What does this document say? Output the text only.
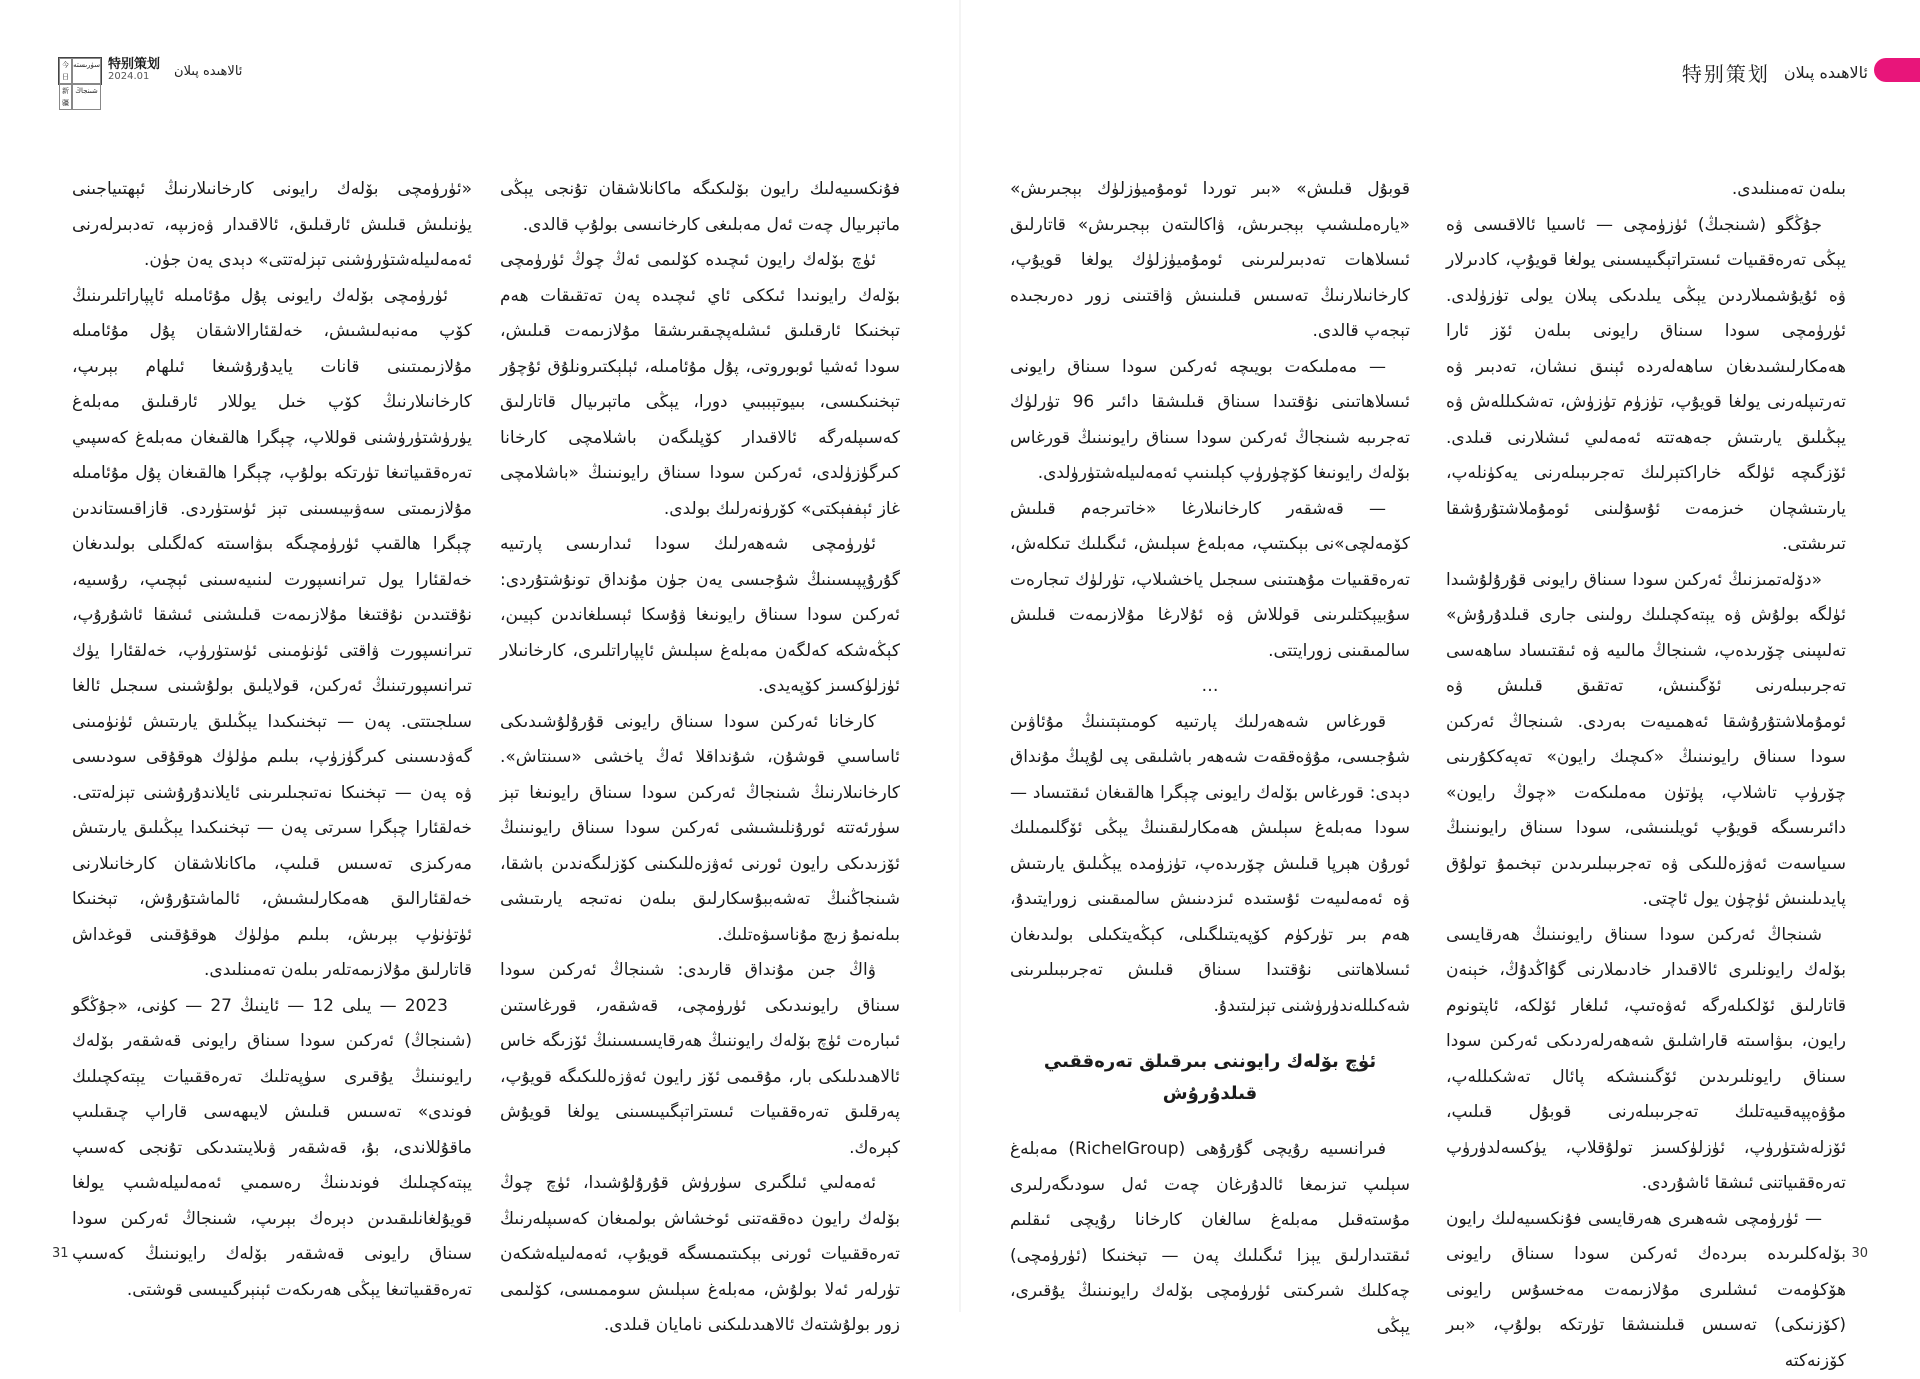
今日
سۈرىستە
新疆
شىنجاڭ
特别策划
2024.01	ئالاھىدە پىلان	特别策划 ئالاھىدە پىلان

«ئۈرۈمچى بۆلەك رايونى كارخانىلارنىڭ ئېھتىياجىنى يۈنىلىش قىلىش ئارقىلىق، ئالاقىدار ۋەزىپە، تەدبىرلەرنى ئەمەلىيلەشتۈرۈشنى تېزلەتتى» دېدى يەن جۈن.

ئۈرۈمچى بۆلەك رايونى پۇل مۇئامىلە ئاپپاراتلىرىنىڭ كۆپ مەنبەلىشىش، خەلقئارالاشقان پۇل مۇئامىلە مۇلازىمىتىنى قانات يايدۇرۇشىغا ئىلھام بېرىپ، كارخانىلارنىڭ كۆپ خىل يوللار ئارقىلىق مەبلەغ يۈرۈشتۈرۈشنى قوللاپ، چېگرا ھالقىغان مەبلەغ كەسپىي تەرەققىياتىغا تۈرتكە بولۇپ، چېگرا ھالقىغان پۇل مۇئامىلە مۇلازىمىتى سەۋىيىسىنى تېز ئۈستۈردى. قازاقىستاندىن چېگرا ھالقىپ ئۈرۈمچىگە بىۋاسىتە كەلگىلى بولىدىغان خەلقئارا يول تىرانسپورت لىنىيەسىنى ئېچىپ، رۇسىيە، نۇقتىدىن نۇقتىغا مۇلازىمەت قىلىشنى ئىشقا ئاشۇرۇپ، تىرانسپورت ۋاقتى ئۈنۈمىنى ئۈستۈرۈپ، خەلقئارا يۈك تىرانسپورتىنىڭ ئەركىن، قولايلىق بولۇشىنى سىجىل ئالغا سىلجىتتى. پەن — تېخنىكىدا يېڭىلىق يارىتىش ئۈنۈمىنى گەۋدىسىنى كىرگۈزۈپ، بىلىم مۈلۈك ھوقۇقى سودىسى ۋە پەن — تېخنىكا نەتىجىلىرىنى ئايلاندۇرۇشنى تېزلەتتى. خەلقئارا چېگرا سىرتى پەن — تېخنىكىدا يېڭىلىق يارىتىش مەركىزى تەسىس قىلىپ، ماكانلاشقان كارخانىلارنى خەلقئارالىق ھەمكارلىشىش، ئالماشتۇرۇش، تېخنىكا ئۈتۈنۈپ بېرىش، بىلىم مۈلۈك ھوقۇقىنى قوغداش قاتارلىق مۇلازىمەتلەر بىلەن تەمىنلىدى.

2023 — يىلى 12 — ئاينىڭ 27 — كۈنى، «جۇڭگو (شىنجاڭ) ئەركىن سودا سىناق رايونى قەشقەر بۆلەك رايونىنىڭ يۇقىرى سۈپەتلىك تەرەققىيات يېتەكچىلىك فوندى» تەسىس قىلىش لايىھەسى قاراپ چىقىلىپ ماقۇللاندى، بۇ، قەشقەر ۋىلايىتىدىكى تۇنجى كەسىپ يېتەكچىلىك فوندىنىڭ رەسمىي ئەمەلىيلەشىپ يولغا قويۇلغانلىقىدىن دېرەك بېرىپ، شىنجاڭ ئەركىن سودا سىناق رايونى قەشقەر بۆلەك رايونىنىڭ كەسىپ تەرەققىياتىغا يېڭى ھەرىكەت ئېنېرگىيىسى قوشتى.

فۇنكسىيەلىك رايون بۆلىكىگە ماكانلاشقان تۇنجى يېڭى ماتېرىيال چەت ئەل مەبلىغى كارخانىسى بولۇپ قالدى.

ئۈچ بۆلەك رايون ئىچىدە كۆلىمى ئەڭ چوڭ ئۈرۈمچى بۆلەك رايونىدا ئىككى ئاي ئىچىدە پەن تەتقىقات ھەم تېخنىكا ئارقىلىق ئىشلەپچىقىرىشقا مۇلازىمەت قىلىش، سودا ئەشيا ئوبوروتى، پۇل مۇئامىلە، ئېلېكتىرونلۇق ئۇچۇر تېخنىكىسى، بىيوتېببىي دورا، يېڭى ماتېرىيال قاتارلىق كەسىپلەرگە ئالاقىدار كۆپلىگەن باشلامچى كارخانا كىرگۈزۈلدى، ئەركىن سودا سىناق رايونىنىڭ «باشلامچى غاز ئېففېكتى» كۆرۈنەرلىك بولدى.

ئۈرۈمچى شەھەرلىك سودا ئىدارىسى پارتىيە گۇرۇپپىسىنىڭ شۇجىسى يەن جۈن مۇنداق تونۇشتۇردى: ئەركىن سودا سىناق رايونىغا ۋۇسكا ئېسىلغاندىن كېيىن، كېڭەشكە كەلگەن مەبلەغ سېلىش ئاپپاراتلىرى، كارخانىلار ئۈزلۈكسىز كۆپەيدى.

كارخانا ئەركىن سودا سىناق رايونى قۇرۇلۇشىدىكى ئاساسىي قوشۇن، شۇنداقلا ئەڭ ياخشى «سىنتاش». كارخانىلارنىڭ شىنجاڭ ئەركىن سودا سىناق رايونىغا تېز سۈرئەتتە ئورۇنلىشىشى ئەركىن سودا سىناق رايونىنىڭ ئۆزىدىكى رايون ئورنى ئەۋزەللىكىنى كۆزلىگەندىن باشقا، شىنجاڭنىڭ تەشەببۇسكارلىق بىلەن نەتىجە يارىتىشى بىلەنمۇ زىچ مۇناسىۋەتلىك.

ۋاڭ جىن مۇنداق قارىدى: شىنجاڭ ئەركىن سودا سىناق رايونىدىكى ئۈرۈمچى، قەشقەر، قورغاستىن ئىبارەت ئۈچ بۆلەك رايوننىڭ ھەرقايسىسىنىڭ ئۆزىگە خاس ئالاھىدىلىكى بار، مۇقىمى ئۆز رايون ئەۋزەللىكىگە قويۇپ، پەرقلىق تەرەققىيات ئىستراتېگىيىسىنى يولغا قويۇش كېرەك.

ئەمەلىي ئىلگىرى سۈرۈش قۇرۇلۇشىدا، ئۈچ چوڭ بۆلەك رايون دەققەتنى ئوخشاش بولمىغان كەسىپلەرنىڭ تەرەققىيات ئورنى بېكىتىمىسگە قويۇپ، ئەمەلىيلەشكەن تۈرلەر ئەلا بولۇش، مەبلەغ سېلىش سوممىسى، كۆلىمى زور بولۇشتەك ئالاھىدىلىكنى نامايان قىلدى.

قوبۇل قىلىش» «بىر توردا ئومۇميۈزلۈك بېجىرىش» «يارەملىشىپ بېجىرىش، ۋاكالىتەن بېجىرىش» قاتارلىق ئىسلاھات تەدبىرلىرىنى ئومۇميۈزلۈك يولغا قويۇپ، كارخانىلارنىڭ تەسىس قىلىنىش ۋاقتىنى زور دەرىجىدە تېجەپ قالدى.

— مەملىكەت بويىچە ئەركىن سودا سىناق رايونى ئىسلاھاتىنى نۇقتىدا سىناق قىلىشقا دائىر 96 تۈرلۈك تەجرىبە شىنجاڭ ئەركىن سودا سىناق رايونىنىڭ قورغاس بۆلەك رايونىغا كۆچۈرۈپ كېلىنىپ ئەمەلىيلەشتۈرۈلدى.

— قەشقەر كارخانىلارغا «خاتىرجەم قىلىش كۆمەلچى»نى بېكىتىپ، مەبلەغ سېلىش، ئىگىلىك تىكلەش، تەرەققىيات مۇھىتىنى سىجىل ياخشىلاپ، تۈرلۈك تىجارەت سۇبيېكتلىرىنى قوللاش ۋە ئۇلارغا مۇلازىمەت قىلىش سالمىقىنى زورايتتى.

…

قورغاس شەھەرلىك پارتىيە كومىتېتىنىڭ مۇئاۋىن شۇجىسى، مۇۋەققەت شەھەر باشلىقى پى لۇپىڭ مۇنداق دېدى: قورغاس بۆلەك رايونى چېگرا ھالقىغان ئىقتىساد — سودا مەبلەغ سېلىش ھەمكارلىقىنىڭ يېڭى ئۆگلىمىلىك ئورۇن ھېرپا قىلىش چۆرىدەپ، تۈزۈمدە يېڭىلىق يارىتىش ۋە ئەمەلىيەت ئۇستىدە ئىزدىنىش سالمىقىنى زورايتىدۇ، ھەم بىر تۈركۈم كۆپەيتىلگىلى، كېڭەيتكىلى بولىدىغان ئىسلاھاتنى نۇقتىدا سىناق قىلىش تەجرىبىلىرىنى شەكىللەندۈرۈشنى تېزلىتىدۇ.

ئۈچ بۆلەك رايوننى بىرقىلق تەرەققىي قىلدۇرۇش

فىرانسىيە رۇيچى گۇرۇھى (RichelGroup) مەبلەغ سېلىپ تىزىمغا ئالدۇرغان چەت ئەل سودىگەرلىرى مۇستەقىل مەبلەغ سالغان كارخانا رۇيچى ئىقلىم ئىقتىدارلىق يېزا ئىگىلىك پەن — تېخنىكا (ئۈرۈمچى) چەكلىك شىركىتى ئۈرۈمچى بۆلەك رايونىنىڭ يۇقىرى، يېڭى

بىلەن تەمىنلىدى.

جۇڭگو (شىنجىڭ) ئۈزۈمچى — ئاسىيا ئالاقىسى ۋە يېڭى تەرەققىيات ئىستراتېگىيىسىنى يولغا قويۇپ، كادىرلار ۋە ئۇيۇشمىلاردىن يېڭى يىلدىكى پىلان يولى تۈزۈلدى. ئۈرۈمچى سودا سىناق رايونى بىلەن ئۆز ئارا ھەمكارلىشىدىغان ساھەلەردە ئېنىق نىشان، تەدبىر ۋە تەرتىپلەرنى يولغا قويۇپ، تۈزۈم تۈزۈش، تەشكىللەش ۋە يېڭىلىق يارىتىش جەھەتتە ئەمەلىي ئىشلارنى قىلدى. ئۆزگىچە ئۈلگە خاراكتېرلىك تەجرىبىلەرنى يەكۈنلەپ، يارىتىشچان خىزمەت ئۇسۇلىنى ئومۇملاشتۇرۇشقا تىرىشتى.

«دۆلەتمىزنىڭ ئەركىن سودا سىناق رايونى قۇرۇلۇشىدا ئۈلگە بولۇش ۋە يېتەكچىلىك رولىنى جارى قىلدۇرۇش» تەلىپىنى چۆرىدەپ، شىنجاڭ مالىيە ۋە ئىقتىساد ساھەسى تەجرىبىلەرنى ئۆگىنىش، تەتقىق قىلىش ۋە ئومۇملاشتۇرۇشقا ئەھمىيەت بەردى. شىنجاڭ ئەركىن سودا سىناق رايونىنىڭ «كىچىك رايون» تەپەككۇرىنى چۆرۈپ تاشلاپ، پۈتۈن مەملىكەت «چوڭ رايون» دائىرىسىگە قويۇپ ئويلىنىشى، سودا سىناق رايونىنىڭ سىياسەت ئەۋزەللىكى ۋە تەجرىبىلىرىدىن تېخىمۇ تولۇق پايدىلىنىش ئۈچۈن يول ئاچتى.

شىنجاڭ ئەركىن سودا سىناق رايونىنىڭ ھەرقايسى بۆلەك رايونلىرى ئالاقىدار خادىملارنى گۇاڭدۇڭ، خېنەن قاتارلىق ئۆلكىلەرگە ئەۋەتىپ، ئىلغار ئۆلكە، ئاپتونوم رايون، بىۋاسىتە قاراشلىق شەھەرلەردىكى ئەركىن سودا سىناق رايونلىرىدىن ئۆگىنىشكە پائال تەشكىللەپ، مۇۋەپپەقىيەتلىك تەجرىبىلەرنى قوبۇل قىلىپ، ئۆزلەشتۈرۈپ، ئۈزلۈكسىز تولۇقلاپ، يۈكسەلدۈرۈپ تەرەققىياتنى ئىشقا ئاشۇردى.

— ئۈرۈمچى شەھىرى ھەرقايسى فۇنكسىيەلىك رايون بۆلەكلىرىدە بىردەك ئەركىن سودا سىناق رايونى ھۆكۈمەت ئىشلىرى مۇلازىمەت مەخسۇس رايونى (كۆزنىكى) تەسىس قىلىنىشقا تۈرتكە بولۇپ، «بىر كۆزنەكتە

31	30
